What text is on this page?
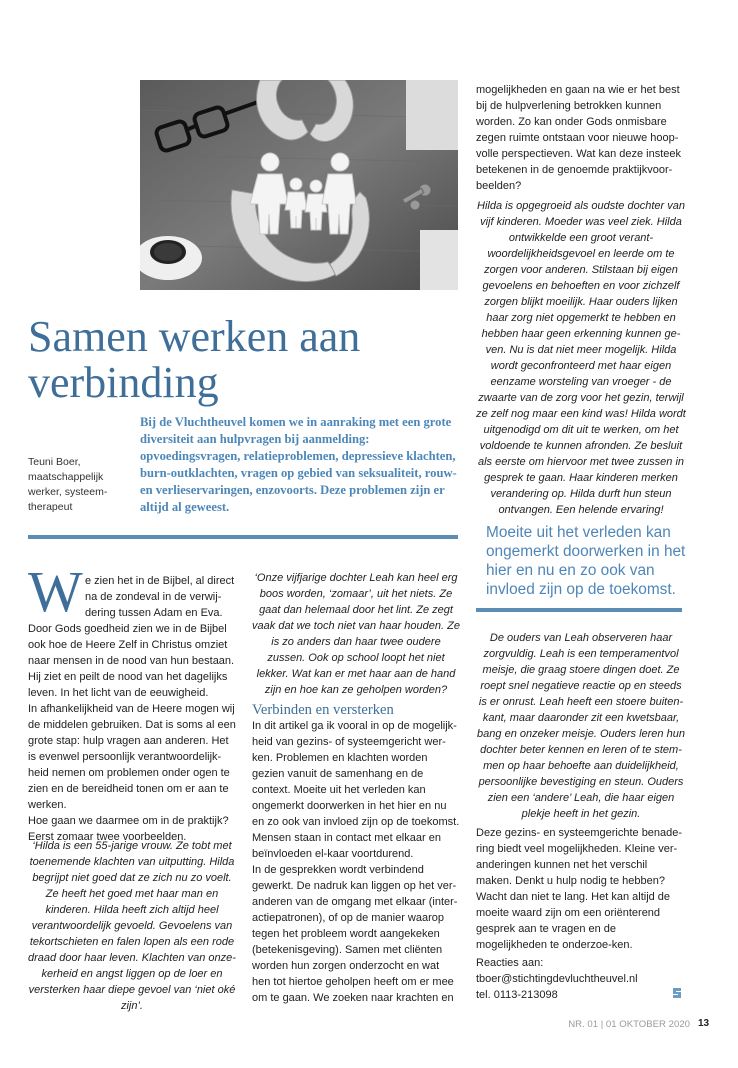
Samen werken aan verbinding
Teuni Boer,
maatschappelijk
werker, systeem-
therapeut

Bij de Vluchtheuvel komen we in aanraking met een grote diversiteit aan hulpvragen bij aanmelding: opvoedingsvragen, relatieproblemen, depressieve klachten, burn-outklachten, vragen op gebied van seksualiteit, rouw- en verlieservaringen, enzovoorts. Deze problemen zijn er altijd al geweest.

W e zien het in de Bijbel, al direct
na de zondeval in de verwij-
dering tussen Adam en Eva.

Door Gods goedheid zien we in de Bijbel ook hoe de Heere Zelf in Christus omziet naar mensen in de nood van hun bestaan. Hij ziet en peilt de nood van het dagelijks leven. In het licht van de eeuwigheid.
In afhankelijkheid van de Heere mogen wij de middelen gebruiken. Dat is soms al een grote stap: hulp vragen aan anderen. Het is evenwel persoonlijk verantwoordelijk-heid nemen om problemen onder ogen te zien en de bereidheid tonen om er aan te werken.
Hoe gaan we daarmee om in de praktijk? Eerst zomaar twee voorbeelden.

‘Hilda is een 55-jarige vrouw. Ze tobt met toenemende klachten van uitputting. Hilda begrijpt niet goed dat ze zich nu zo voelt. Ze heeft het goed met haar man en kinderen. Hilda heeft zich altijd heel verantwoordelijk gevoeld. Gevoelens van tekortschieten en falen lopen als een rode draad door haar leven. Klachten van onze-kerheid en angst liggen op de loer en versterken haar diepe gevoel van ‘niet oké zijn’.

‘Onze vijfjarige dochter Leah kan heel erg boos worden, ‘zomaar’, uit het niets. Ze gaat dan helemaal door het lint. Ze zegt vaak dat we toch niet van haar houden. Ze is zo anders dan haar twee oudere zussen. Ook op school loopt het niet lekker. Wat kan er met haar aan de hand zijn en hoe kan ze geholpen worden?

Verbinden en versterken

In dit artikel ga ik vooral in op de mogelijk-heid van gezins- of systeemgericht wer-ken. Problemen en klachten worden gezien vanuit de samenhang en de context. Moeite uit het verleden kan ongemerkt doorwerken in het hier en nu en zo ook van invloed zijn op de toekomst. Mensen staan in contact met elkaar en beïnvloeden el-kaar voortdurend.

In de gesprekken wordt verbindend gewerkt. De nadruk kan liggen op het ver-anderen van de omgang met elkaar (inter-actiepatronen), of op de manier waarop tegen het probleem wordt aangekeken (betekenisgeving). Samen met cliënten worden hun zorgen onderzocht en wat hen tot hiertoe geholpen heeft om er mee om te gaan. We zoeken naar krachten en

mogelijkheden en gaan na wie er het best bij de hulpverlening betrokken kunnen worden. Zo kan onder Gods onmisbare zegen ruimte ontstaan voor nieuwe hoop-volle perspectieven. Wat kan deze insteek betekenen in de genoemde praktijkvoor-beelden?

Hilda is opgegroeid als oudste dochter van vijf kinderen. Moeder was veel ziek. Hilda ontwikkelde een groot verant-woordelijkheidsgevoel en leerde om te zorgen voor anderen. Stilstaan bij eigen gevoelens en behoeften en voor zichzelf zorgen blijkt moeilijk. Haar ouders lijken haar zorg niet opgemerkt te hebben en hebben haar geen erkenning kunnen ge-ven. Nu is dat niet meer mogelijk. Hilda wordt geconfronteerd met haar eigen eenzame worsteling van vroeger - de zwaarte van de zorg voor het gezin, terwijl ze zelf nog maar een kind was! Hilda wordt uitgenodigd om dit uit te werken, om het voldoende te kunnen afronden. Ze besluit als eerste om hiervoor met twee zussen in gesprek te gaan. Haar kinderen merken verandering op. Hilda durft hun steun ontvangen. Een helende ervaring!

Moeite uit het verleden kan ongemerkt doorwerken in het hier en nu en zo ook van invloed zijn op de toekomst.

De ouders van Leah observeren haar zorgvuldig. Leah is een temperamentvol meisje, die graag stoere dingen doet. Ze roept snel negatieve reactie op en steeds is er onrust. Leah heeft een stoere buiten-kant, maar daaronder zit een kwetsbaar, bang en onzeker meisje. Ouders leren hun dochter beter kennen en leren of te stem-men op haar behoefte aan duidelijkheid, persoonlijke bevestiging en steun. Ouders zien een ‘andere’ Leah, die haar eigen plekje heeft in het gezin.

Deze gezins- en systeemgerichte benade-ring biedt veel mogelijkheden. Kleine ver-anderingen kunnen net het verschil maken. Denkt u hulp nodig te hebben? Wacht dan niet te lang. Het kan altijd de moeite waard zijn om een oriënterend gesprek aan te vragen en de mogelijkheden te onderzoe-ken.

Reacties aan:
tboer@stichtingdevluchtheuvel.nl
tel. 0113-213098
NR. 01 | 01 OKTOBER 2020 13
